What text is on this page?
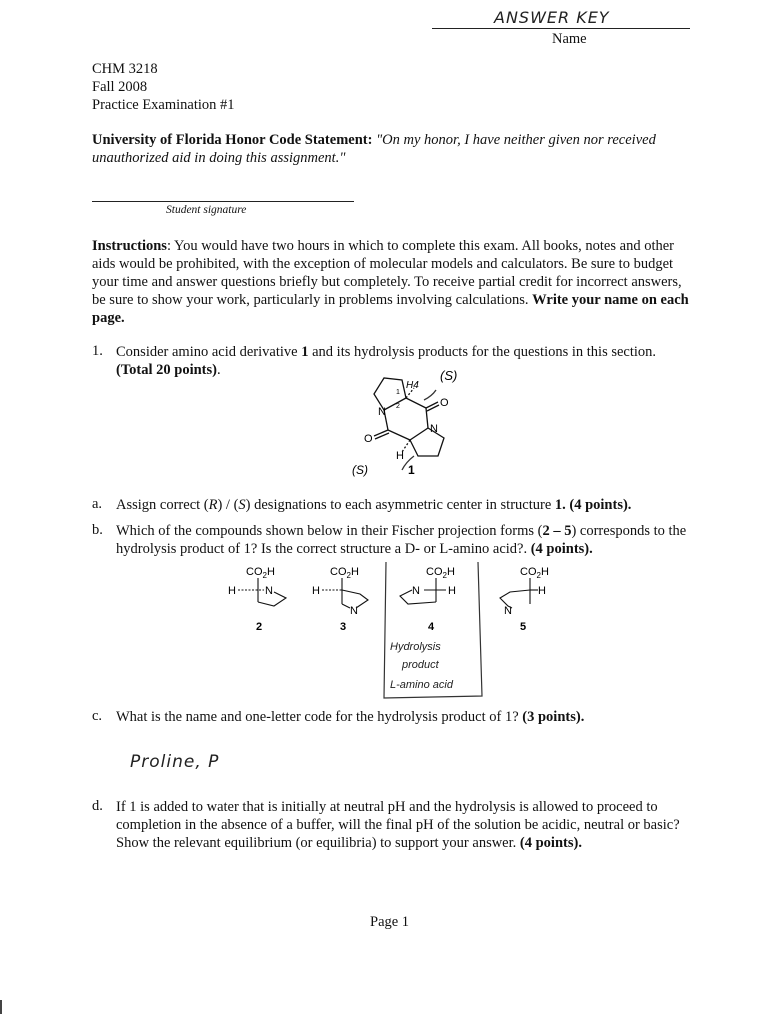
ANSWER KEY
Name
CHM 3218
Fall 2008
Practice Examination #1
University of Florida Honor Code Statement: "On my honor, I have neither given nor received unauthorized aid in doing this assignment."
Student signature
Instructions: You would have two hours in which to complete this exam. All books, notes and other aids would be prohibited, with the exception of molecular models and calculators. Be sure to budget your time and answer questions briefly but completely. To receive partial credit for incorrect answers, be sure to show your work, particularly in problems involving calculations. Write your name on each page.
1. Consider amino acid derivative 1 and its hydrolysis products for the questions in this section.
(Total 20 points).
N
N
O
O
H
H4
1
2
(S)
(S)	1
a. Assign correct (R) / (S) designations to each asymmetric center in structure 1. (4 points).
b. Which of the compounds shown below in their Fischer projection forms (2 – 5) corresponds to the hydrolysis product of 1? Is the correct structure a D- or L-amino acid?. (4 points).
$CO_2H$
H	N
2
$CO_2H$
H
N
3
$CO_2H$
N	H
4
$CO_2H$
H
N
5
Hydrolysis
product
L-amino acid
c. What is the name and one-letter code for the hydrolysis product of 1? (3 points).
Proline, P
d. If 1 is added to water that is initially at neutral pH and the hydrolysis is allowed to proceed to completion in the absence of a buffer, will the final pH of the solution be acidic, neutral or basic? Show the relevant equilibrium (or equilibria) to support your answer. (4 points).
Page 1
